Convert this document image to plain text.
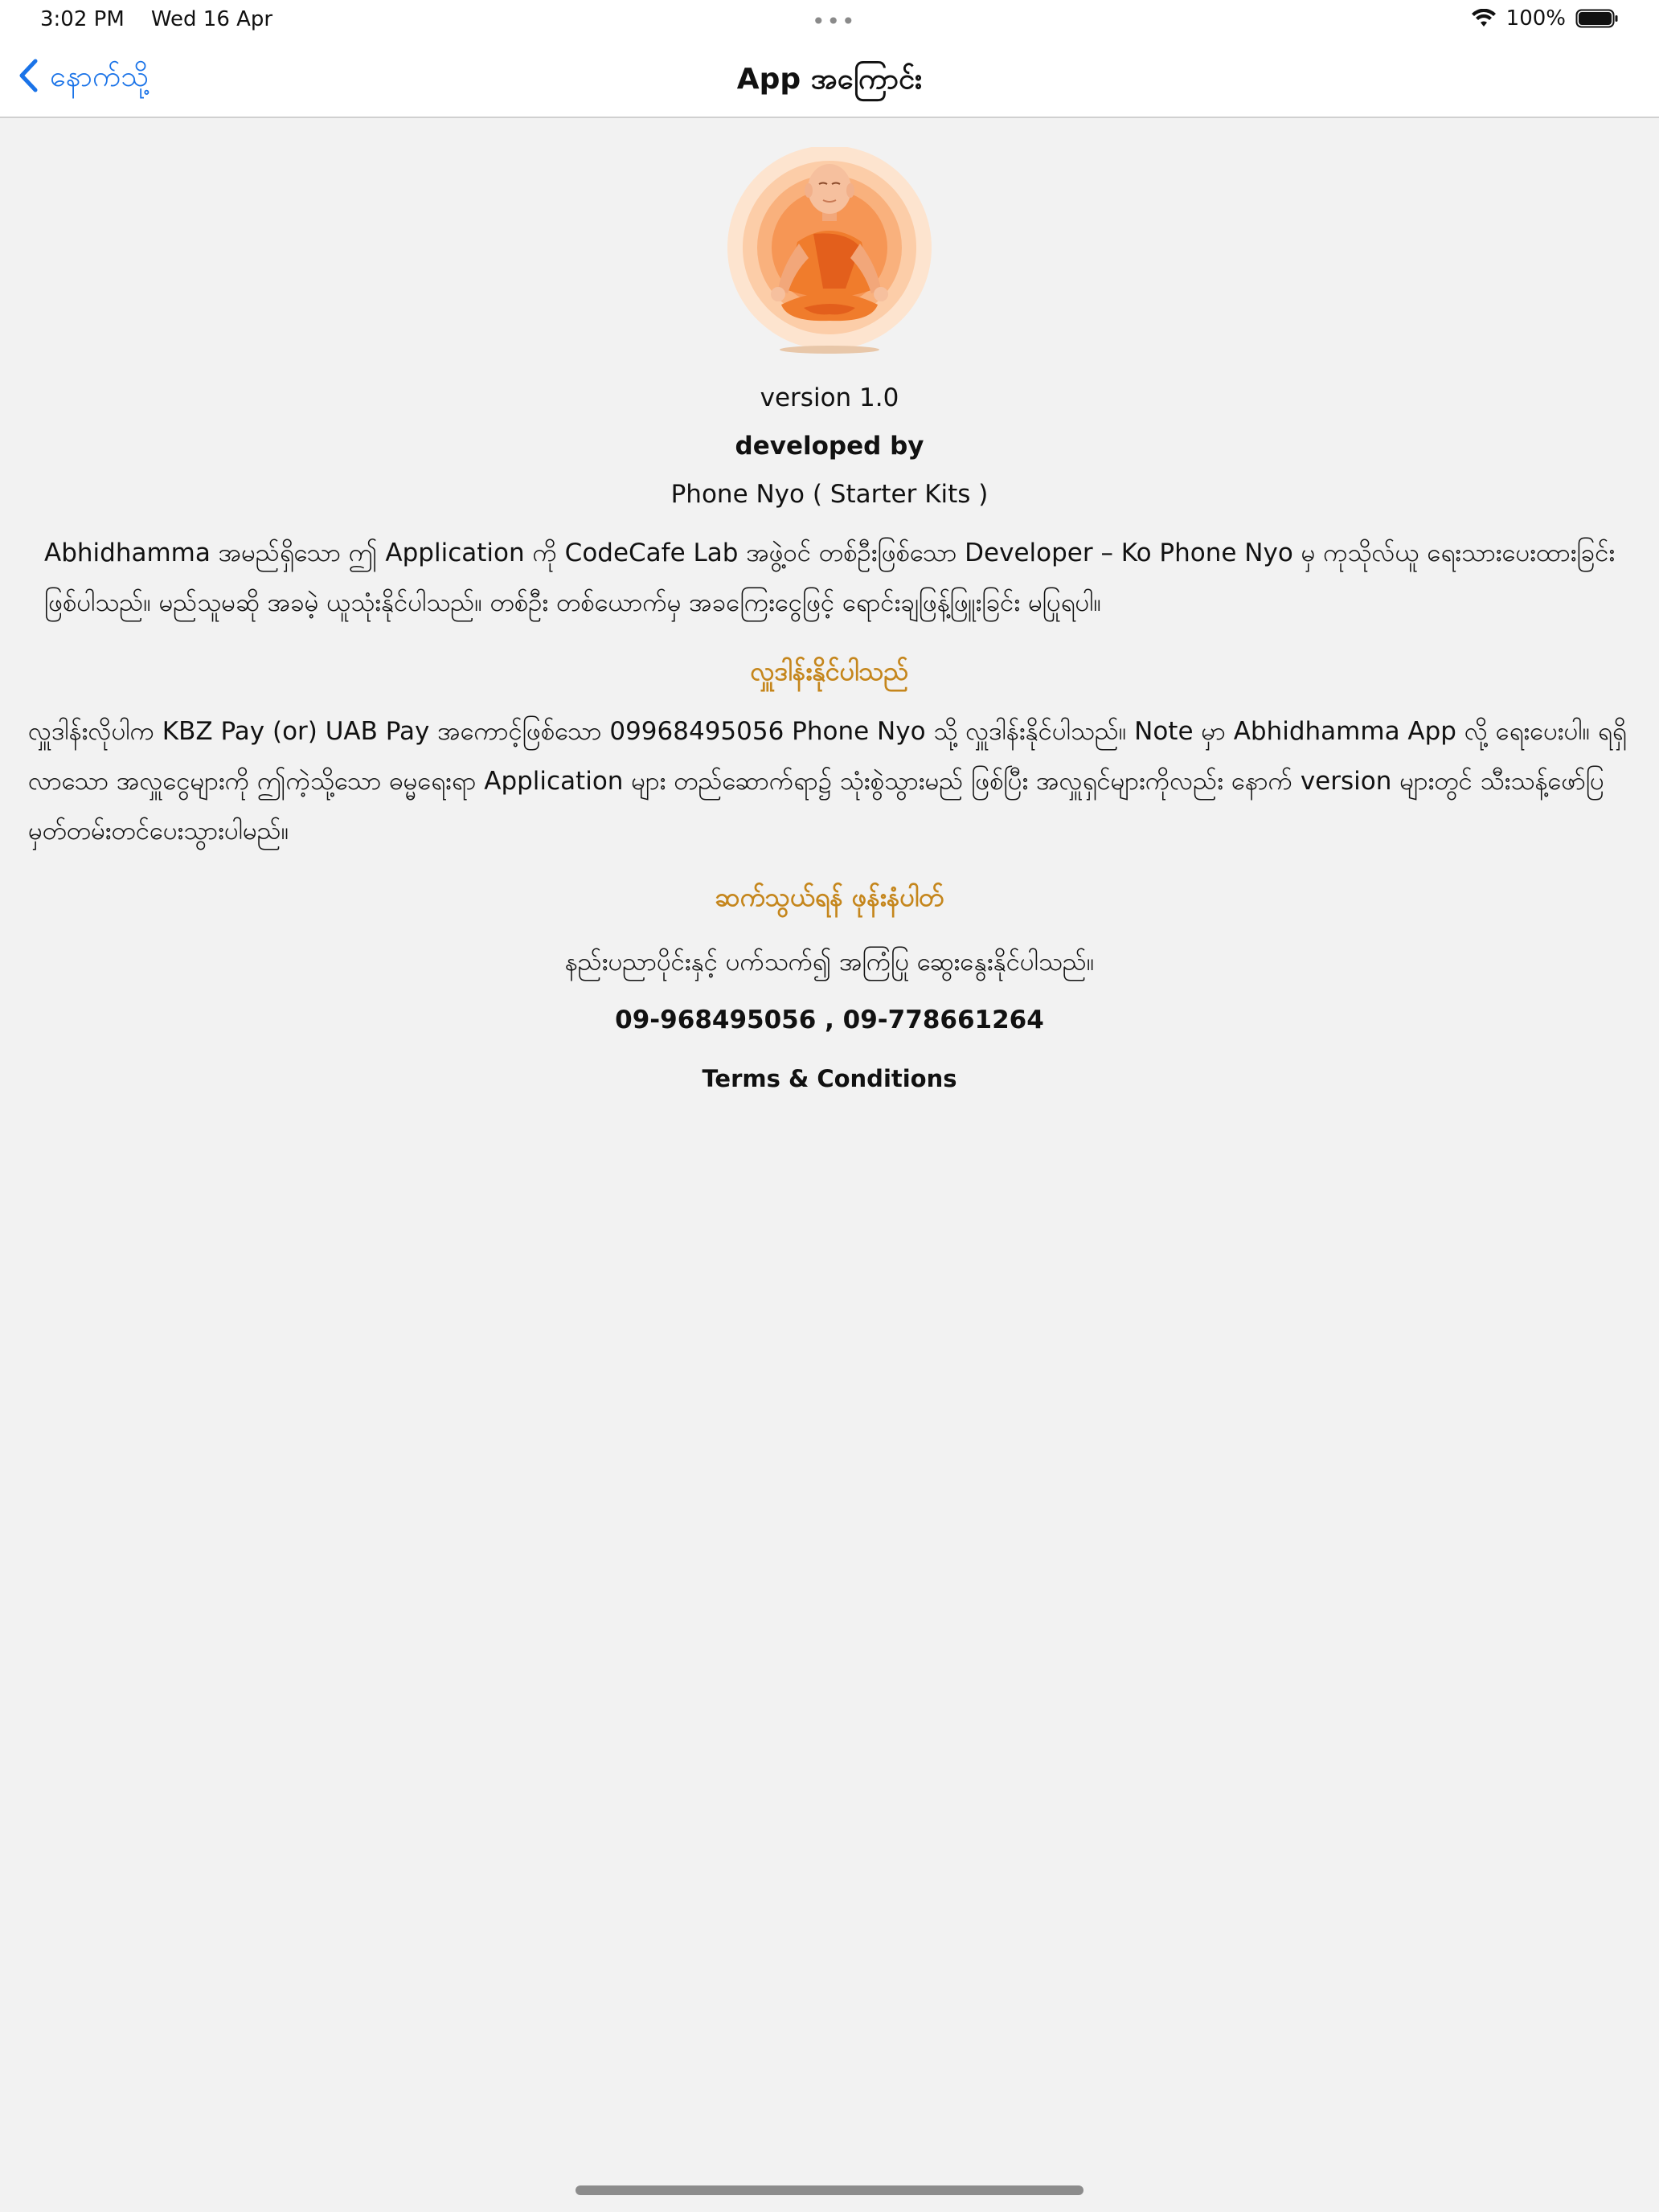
3:02 PM Wed 16 Apr	•••	100%
နောက်သို့	App အကြောင်း
version 1.0
developed by
Phone Nyo ( Starter Kits )
Abhidhamma အမည်ရှိသော ဤ Application ကို CodeCafe Lab အဖွဲ့ဝင် တစ်ဦးဖြစ်သော Developer – Ko Phone Nyo မှ ကုသိုလ်ယူ ရေးသားပေးထားခြင်း ဖြစ်ပါသည်။ မည်သူမဆို အခမဲ့ ယူသုံးနိုင်ပါသည်။ တစ်ဦး တစ်ယောက်မှ အခကြေးငွေဖြင့် ရောင်းချဖြန့်ဖြူးခြင်း မပြုရပါ။
လှူဒါန်းနိုင်ပါသည်
လှူဒါန်းလိုပါက KBZ Pay (or) UAB Pay အကောင့်ဖြစ်သော 09968495056 Phone Nyo သို့ လှူဒါန်းနိုင်ပါသည်။ Note မှာ Abhidhamma App လို့ ရေးပေးပါ။ ရရှိလာသော အလှူငွေများကို ဤကဲ့သို့သော ဓမ္မရေးရာ Application များ တည်ဆောက်ရာ၌ သုံးစွဲသွားမည် ဖြစ်ပြီး အလှူရှင်များကိုလည်း နောက် version များတွင် သီးသန့်ဖော်ပြ မှတ်တမ်းတင်ပေးသွားပါမည်။
ဆက်သွယ်ရန် ဖုန်းနံပါတ်
နည်းပညာပိုင်းနှင့် ပက်သက်၍ အကြံပြု ဆွေးနွေးနိုင်ပါသည်။
09-968495056 , 09-778661264
Terms & Conditions
